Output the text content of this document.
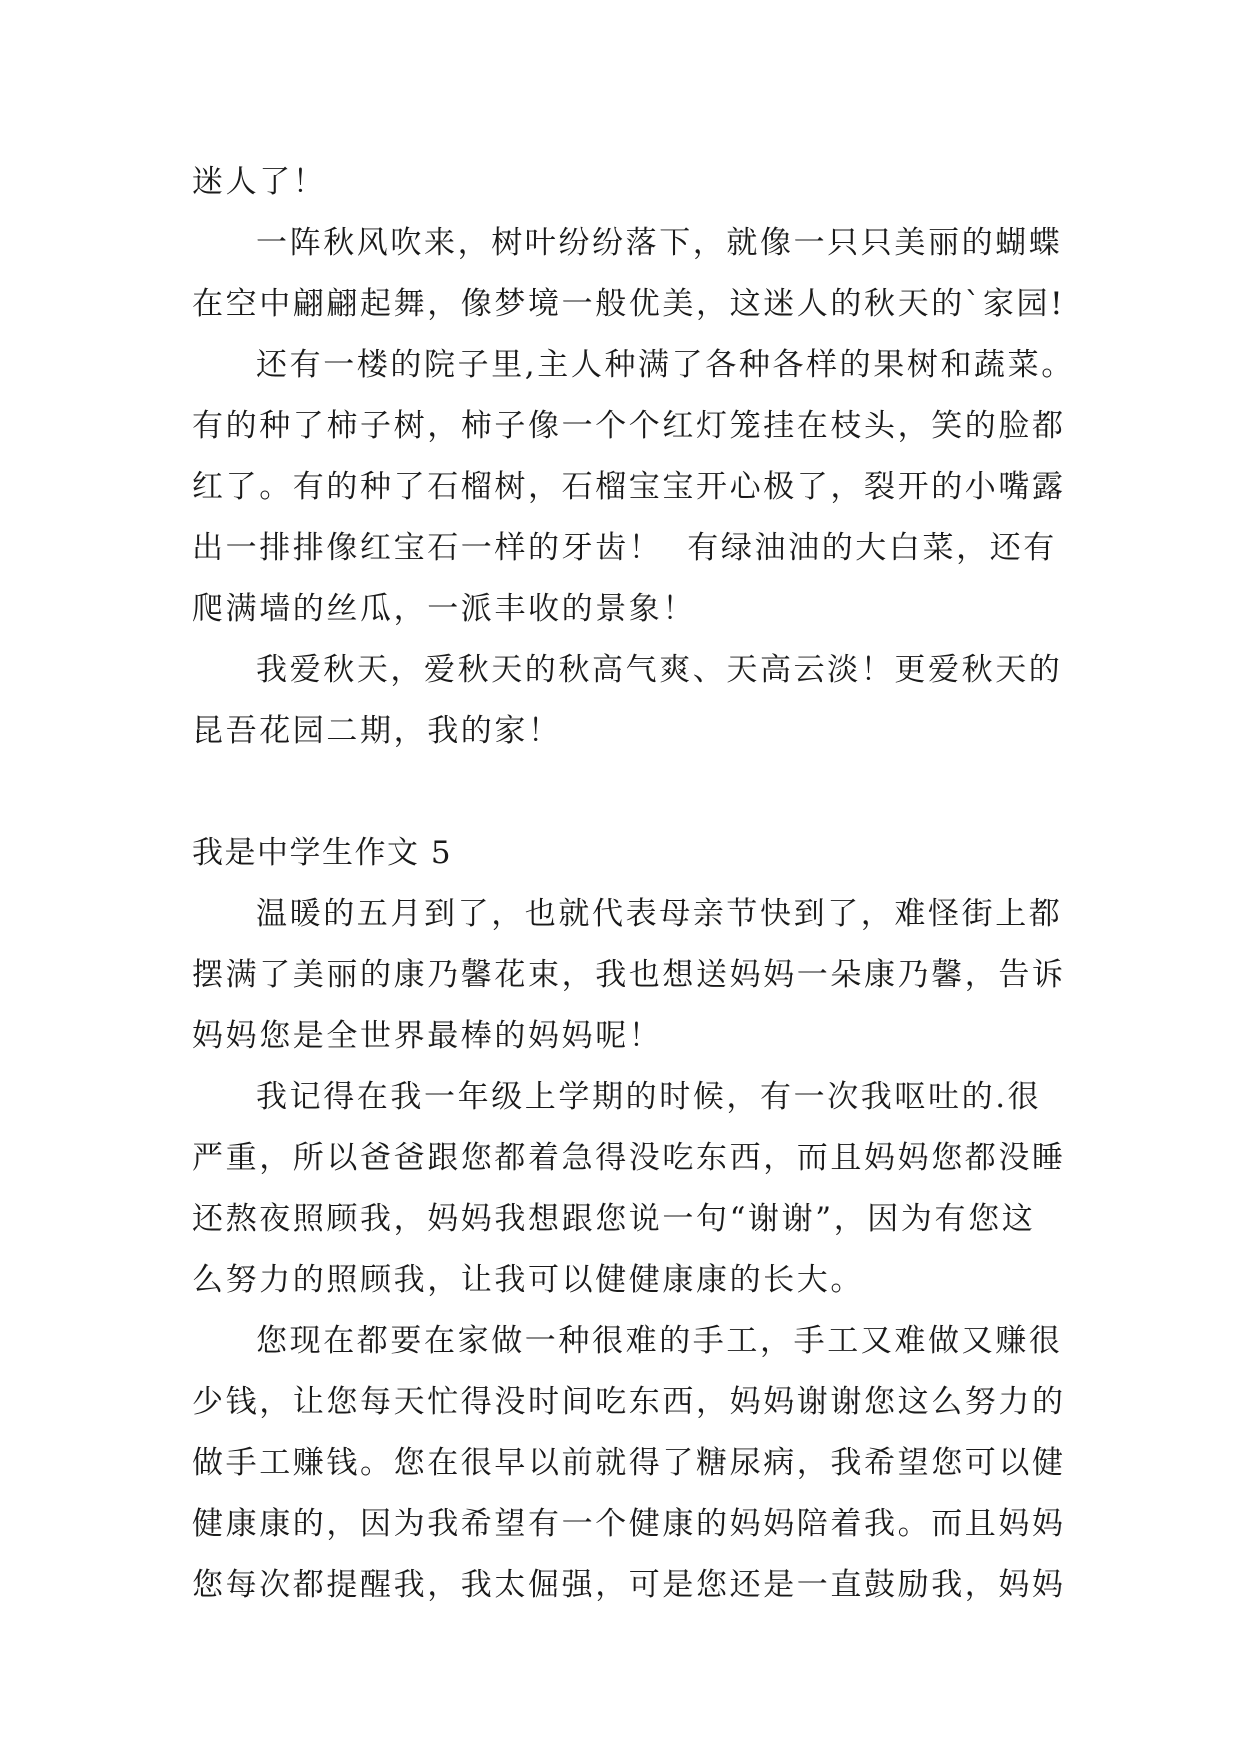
迷人了！
一阵秋风吹来，树叶纷纷落下，就像一只只美丽的蝴蝶
在空中翩翩起舞，像梦境一般优美，这迷人的秋天的`家园!
还有一楼的院子里,主人种满了各种各样的果树和蔬菜。
有的种了柿子树，柿子像一个个红灯笼挂在枝头，笑的脸都
红了。有的种了石榴树，石榴宝宝开心极了，裂开的小嘴露
出一排排像红宝石一样的牙齿！  有绿油油的大白菜，还有
爬满墙的丝瓜，一派丰收的景象！
我爱秋天，爱秋天的秋高气爽、天高云淡！更爱秋天的
昆吾花园二期，我的家！
我是中学生作文 5
温暖的五月到了，也就代表母亲节快到了，难怪街上都
摆满了美丽的康乃馨花束，我也想送妈妈一朵康乃馨，告诉
妈妈您是全世界最棒的妈妈呢！
我记得在我一年级上学期的时候，有一次我呕吐的.很
严重，所以爸爸跟您都着急得没吃东西，而且妈妈您都没睡
还熬夜照顾我，妈妈我想跟您说一句“谢谢”，因为有您这
么努力的照顾我，让我可以健健康康的长大。
您现在都要在家做一种很难的手工，手工又难做又赚很
少钱，让您每天忙得没时间吃东西，妈妈谢谢您这么努力的
做手工赚钱。您在很早以前就得了糖尿病，我希望您可以健
健康康的，因为我希望有一个健康的妈妈陪着我。而且妈妈
您每次都提醒我，我太倔强，可是您还是一直鼓励我，妈妈
